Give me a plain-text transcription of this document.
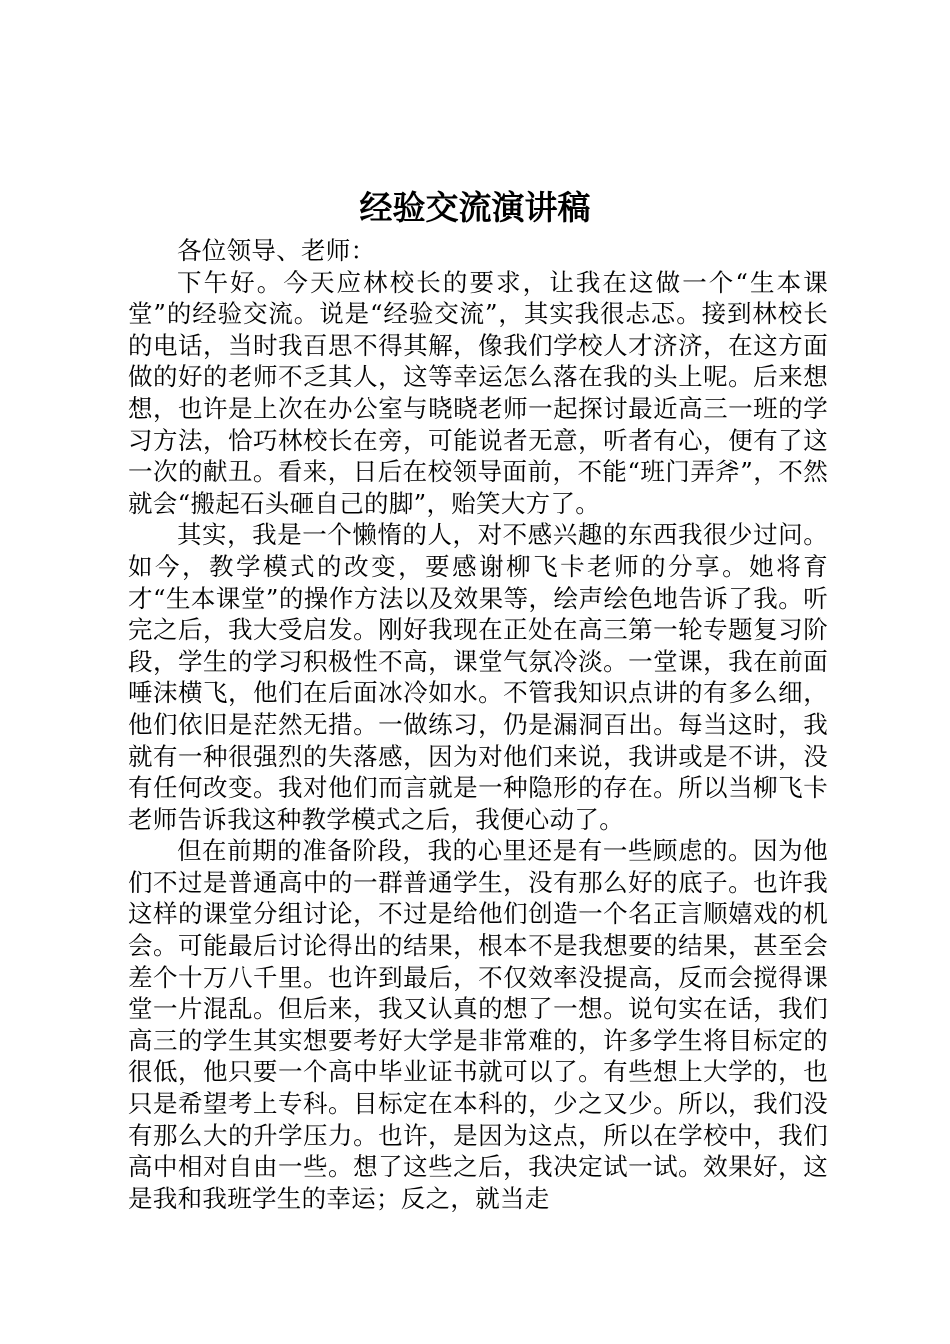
经验交流演讲稿

各位领导、老师：

下午好。今天应林校长的要求，让我在这做一个“生本课堂”的经验交流。说是“经验交流”，其实我很忐忑。接到林校长的电话，当时我百思不得其解，像我们学校人才济济，在这方面做的好的老师不乏其人，这等幸运怎么落在我的头上呢。后来想想，也许是上次在办公室与晓晓老师一起探讨最近高三一班的学习方法，恰巧林校长在旁，可能说者无意，听者有心，便有了这一次的献丑。看来，日后在校领导面前，不能“班门弄斧”，不然就会“搬起石头砸自己的脚”，贻笑大方了。

其实，我是一个懒惰的人，对不感兴趣的东西我很少过问。如今，教学模式的改变，要感谢柳飞卡老师的分享。她将育才“生本课堂”的操作方法以及效果等，绘声绘色地告诉了我。听完之后，我大受启发。刚好我现在正处在高三第一轮专题复习阶段，学生的学习积极性不高，课堂气氛冷淡。一堂课，我在前面唾沫横飞，他们在后面冰冷如水。不管我知识点讲的有多么细，他们依旧是茫然无措。一做练习，仍是漏洞百出。每当这时，我就有一种很强烈的失落感，因为对他们来说，我讲或是不讲，没有任何改变。我对他们而言就是一种隐形的存在。所以当柳飞卡老师告诉我这种教学模式之后，我便心动了。

但在前期的准备阶段，我的心里还是有一些顾虑的。因为他们不过是普通高中的一群普通学生，没有那么好的底子。也许我这样的课堂分组讨论，不过是给他们创造一个名正言顺嬉戏的机会。可能最后讨论得出的结果，根本不是我想要的结果，甚至会差个十万八千里。也许到最后，不仅效率没提高，反而会搅得课堂一片混乱。但后来，我又认真的想了一想。说句实在话，我们高三的学生其实想要考好大学是非常难的，许多学生将目标定的很低，他只要一个高中毕业证书就可以了。有些想上大学的，也只是希望考上专科。目标定在本科的，少之又少。所以，我们没有那么大的升学压力。也许，是因为这点，所以在学校中，我们高中相对自由一些。想了这些之后，我决定试一试。效果好，这是我和我班学生的幸运；反之，就当走
